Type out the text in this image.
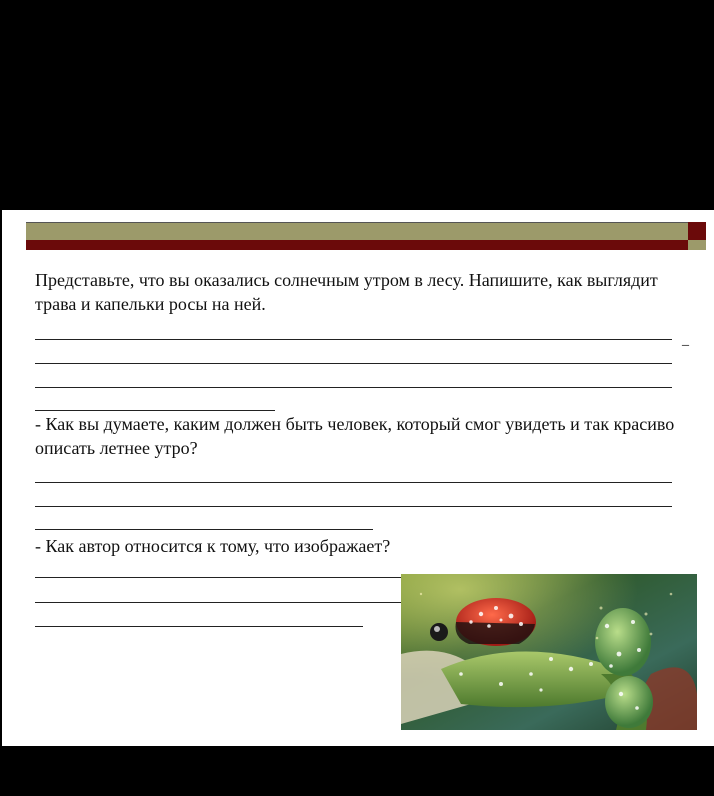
Представьте, что вы оказались солнечным утром в лесу. Напишите, как выглядит трава и капельки росы на ней.

_

- Как вы думаете, каким должен быть человек, который смог увидеть и так красиво описать летнее утро?

- Как автор относится к тому, что изображает?
